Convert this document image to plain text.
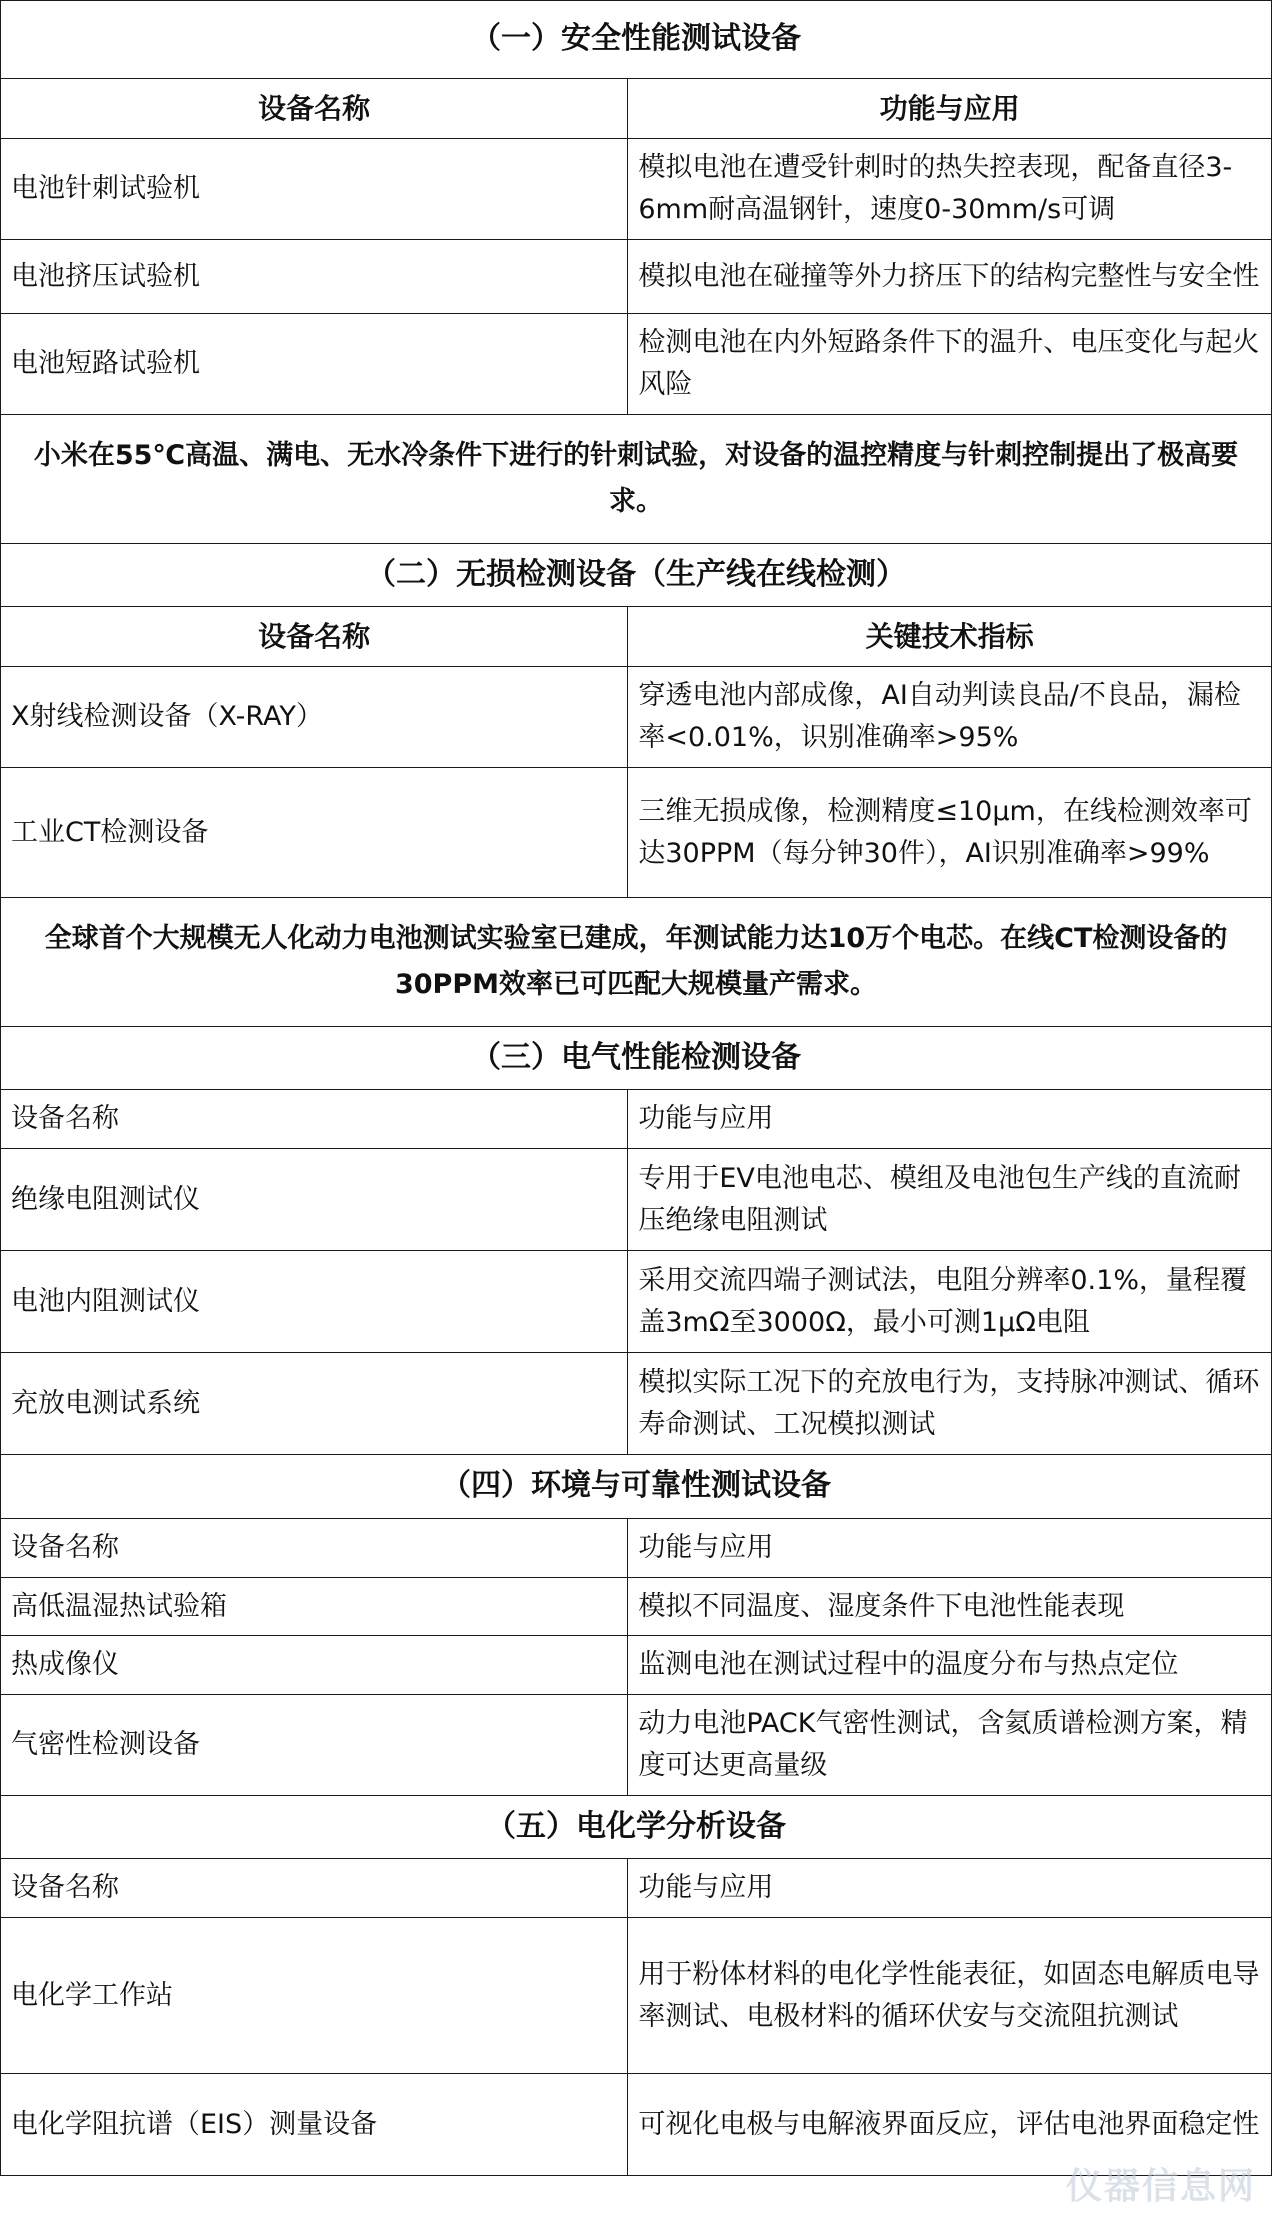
（一）安全性能测试设备	
设备名称	功能与应用
电池针刺试验机	模拟电池在遭受针刺时的热失控表现，配备直径3-6mm耐高温钢针，速度0-30mm/s可调
电池挤压试验机	模拟电池在碰撞等外力挤压下的结构完整性与安全性
电池短路试验机	检测电池在内外短路条件下的温升、电压变化与起火风险
小米在55℃高温、满电、无水冷条件下进行的针刺试验，对设备的温控精度与针刺控制提出了极高要求。	
（二）无损检测设备（生产线在线检测）	
设备名称	关键技术指标
X射线检测设备（X-RAY）	穿透电池内部成像，AI自动判读良品/不良品，漏检率<0.01%，识别准确率>95%
工业CT检测设备	三维无损成像，检测精度≤10μm，在线检测效率可达30PPM（每分钟30件），AI识别准确率>99%
全球首个大规模无人化动力电池测试实验室已建成，年测试能力达10万个电芯。在线CT检测设备的30PPM效率已可匹配大规模量产需求。	
（三）电气性能检测设备	
设备名称	功能与应用
绝缘电阻测试仪	专用于EV电池电芯、模组及电池包生产线的直流耐压绝缘电阻测试
电池内阻测试仪	采用交流四端子测试法，电阻分辨率0.1%，量程覆盖3mΩ至3000Ω，最小可测1μΩ电阻
充放电测试系统	模拟实际工况下的充放电行为，支持脉冲测试、循环寿命测试、工况模拟测试
（四）环境与可靠性测试设备	
设备名称	功能与应用
高低温湿热试验箱	模拟不同温度、湿度条件下电池性能表现
热成像仪	监测电池在测试过程中的温度分布与热点定位
气密性检测设备	动力电池PACK气密性测试，含氦质谱检测方案，精度可达更高量级
（五）电化学分析设备	
设备名称	功能与应用
电化学工作站	用于粉体材料的电化学性能表征，如固态电解质电导率测试、电极材料的循环伏安与交流阻抗测试
电化学阻抗谱（EIS）测量设备	可视化电极与电解液界面反应，评估电池界面稳定性
仪器信息网
